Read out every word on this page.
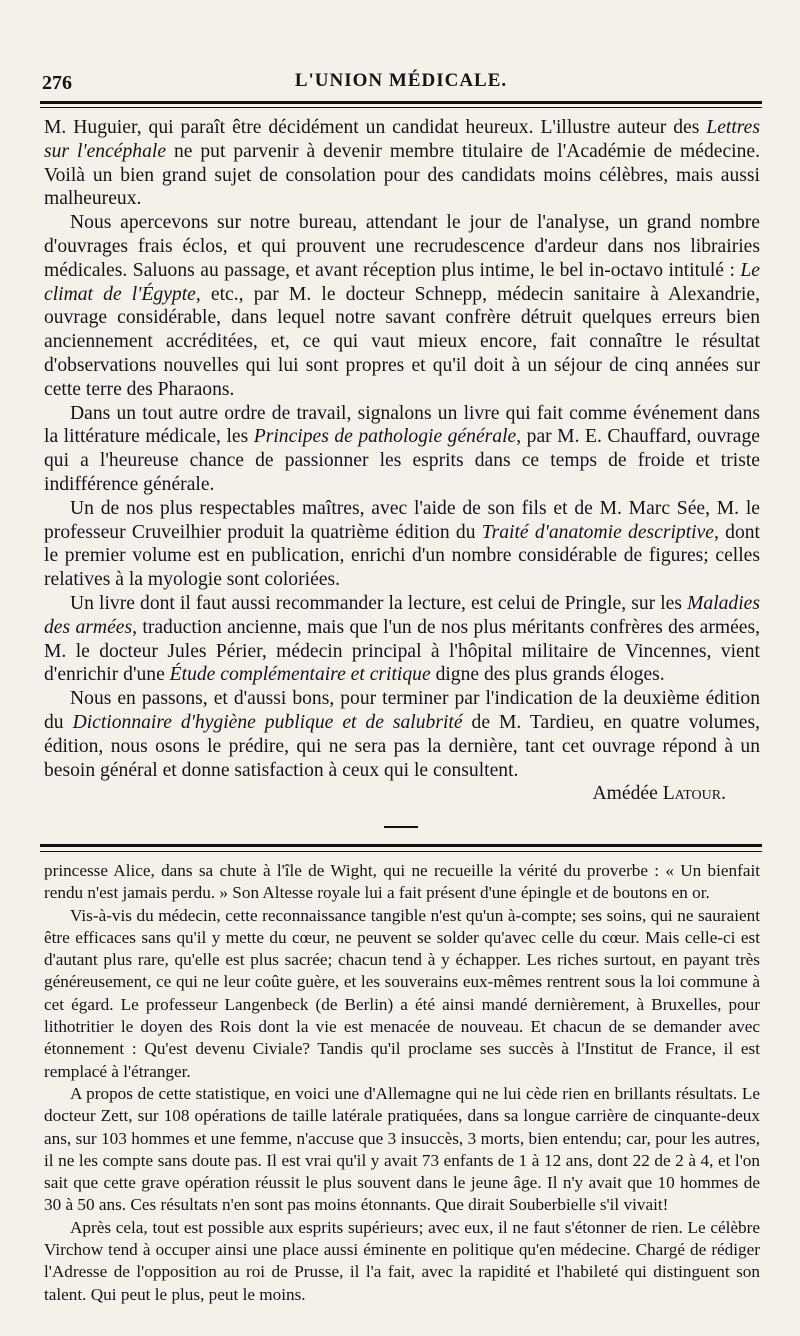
276	L'UNION MÉDICALE.

M. Huguier, qui paraît être décidément un candidat heureux. L'illustre auteur des Lettres sur l'encéphale ne put parvenir à devenir membre titulaire de l'Académie de médecine. Voilà un bien grand sujet de consolation pour des candidats moins célèbres, mais aussi malheureux.

Nous apercevons sur notre bureau, attendant le jour de l'analyse, un grand nombre d'ouvrages frais éclos, et qui prouvent une recrudescence d'ardeur dans nos librairies médicales. Saluons au passage, et avant réception plus intime, le bel in-octavo intitulé : Le climat de l'Égypte, etc., par M. le docteur Schnepp, médecin sanitaire à Alexandrie, ouvrage considérable, dans lequel notre savant confrère détruit quelques erreurs bien anciennement accréditées, et, ce qui vaut mieux encore, fait connaître le résultat d'observations nouvelles qui lui sont propres et qu'il doit à un séjour de cinq années sur cette terre des Pharaons.

Dans un tout autre ordre de travail, signalons un livre qui fait comme événement dans la littérature médicale, les Principes de pathologie générale, par M. E. Chauffard, ouvrage qui a l'heureuse chance de passionner les esprits dans ce temps de froide et triste indifférence générale.

Un de nos plus respectables maîtres, avec l'aide de son fils et de M. Marc Sée, M. le professeur Cruveilhier produit la quatrième édition du Traité d'anatomie descriptive, dont le premier volume est en publication, enrichi d'un nombre considérable de figures; celles relatives à la myologie sont coloriées.

Un livre dont il faut aussi recommander la lecture, est celui de Pringle, sur les Maladies des armées, traduction ancienne, mais que l'un de nos plus méritants confrères des armées, M. le docteur Jules Périer, médecin principal à l'hôpital militaire de Vincennes, vient d'enrichir d'une Étude complémentaire et critique digne des plus grands éloges.

Nous en passons, et d'aussi bons, pour terminer par l'indication de la deuxième édition du Dictionnaire d'hygiène publique et de salubrité de M. Tardieu, en quatre volumes, édition, nous osons le prédire, qui ne sera pas la dernière, tant cet ouvrage répond à un besoin général et donne satisfaction à ceux qui le consultent.

Amédée Latour.

princesse Alice, dans sa chute à l'île de Wight, qui ne recueille la vérité du proverbe : « Un bienfait rendu n'est jamais perdu. » Son Altesse royale lui a fait présent d'une épingle et de boutons en or.

Vis-à-vis du médecin, cette reconnaissance tangible n'est qu'un à-compte; ses soins, qui ne sauraient être efficaces sans qu'il y mette du cœur, ne peuvent se solder qu'avec celle du cœur. Mais celle-ci est d'autant plus rare, qu'elle est plus sacrée; chacun tend à y échapper. Les riches surtout, en payant très généreusement, ce qui ne leur coûte guère, et les souverains eux-mêmes rentrent sous la loi commune à cet égard. Le professeur Langenbeck (de Berlin) a été ainsi mandé dernièrement, à Bruxelles, pour lithotritier le doyen des Rois dont la vie est menacée de nouveau. Et chacun de se demander avec étonnement : Qu'est devenu Civiale? Tandis qu'il proclame ses succès à l'Institut de France, il est remplacé à l'étranger.

A propos de cette statistique, en voici une d'Allemagne qui ne lui cède rien en brillants résultats. Le docteur Zett, sur 108 opérations de taille latérale pratiquées, dans sa longue carrière de cinquante-deux ans, sur 103 hommes et une femme, n'accuse que 3 insuccès, 3 morts, bien entendu; car, pour les autres, il ne les compte sans doute pas. Il est vrai qu'il y avait 73 enfants de 1 à 12 ans, dont 22 de 2 à 4, et l'on sait que cette grave opération réussit le plus souvent dans le jeune âge. Il n'y avait que 10 hommes de 30 à 50 ans. Ces résultats n'en sont pas moins étonnants. Que dirait Souberbielle s'il vivait!

Après cela, tout est possible aux esprits supérieurs; avec eux, il ne faut s'étonner de rien. Le célèbre Virchow tend à occuper ainsi une place aussi éminente en politique qu'en médecine. Chargé de rédiger l'Adresse de l'opposition au roi de Prusse, il l'a fait, avec la rapidité et l'habileté qui distinguent son talent. Qui peut le plus, peut le moins.
